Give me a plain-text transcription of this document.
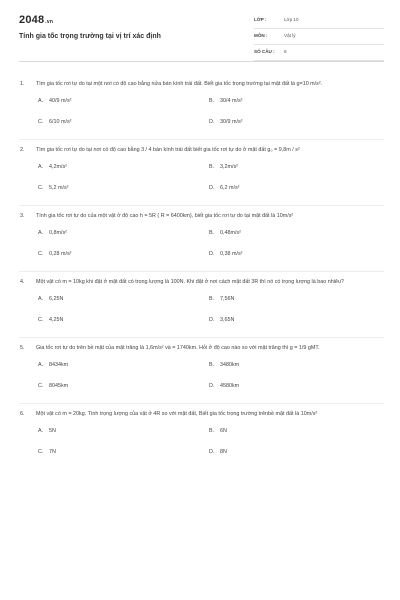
2048.vn
Tính gia tốc trọng trường tại vị trí xác định
LỚP :	Lớp 10
MÔN :	Vật lý
SỐ CÂU : 6
1. Tìm gia tốc rơi tự do tại một nơi có độ cao bằng nửa bán kính trái đất. Biết gia tốc trọng trường tại mặt đất là g=10 m/s².
A. 40/9 m/s²	B. 30/4 m/s²
C. 6/10 m/s²	D. 30/9 m/s²
2. Tìm gia tốc rơi tự do tại nơi có độ cao bằng 3 / 4 bán kính trái đất biết gia tốc rơi tự do ở mặt đất g₀ = 9,8m / s²
A. 4,2m/s²	B. 3,2m/s²
C. 5,2 m/s²	D. 6,2 m/s²
3. Tính gia tốc rơi tự do của một vật ở độ cao h = 5R ( R = 6400km), biết gia tốc rơi tự do tại mặt đất là 10m/s²
A. 0,8m/s²	B. 0,48m/s²
C. 0,28 m/s²	D. 0,38 m/s²
4. Một vật có m = 10kg khi đặt ở mặt đất có trọng lượng là 100N. Khi đặt ở nơi cách mặt đất 3R thì nó có trọng lượng là bao nhiêu?
A. 6,25N	B. 7,56N
C. 4,25N	D. 3,65N
5. Gia tốc rơi tự do trên bề mặt của mặt trăng là 1,6m/s² và = 1740km. Hỏi ở độ cao nào so với mặt trăng thì g = 1/9 gMT.
A. 8434km	B. 3480km
C. 8045km	D. 4580km
6. Một vật có m = 20kg. Tính trọng lượng của vật ở 4R so với mặt đất, Biết gia tốc trọng trường trênbề mặt đất là 10m/s²
A. 5N	B. 6N
C. 7N	D. 8N
